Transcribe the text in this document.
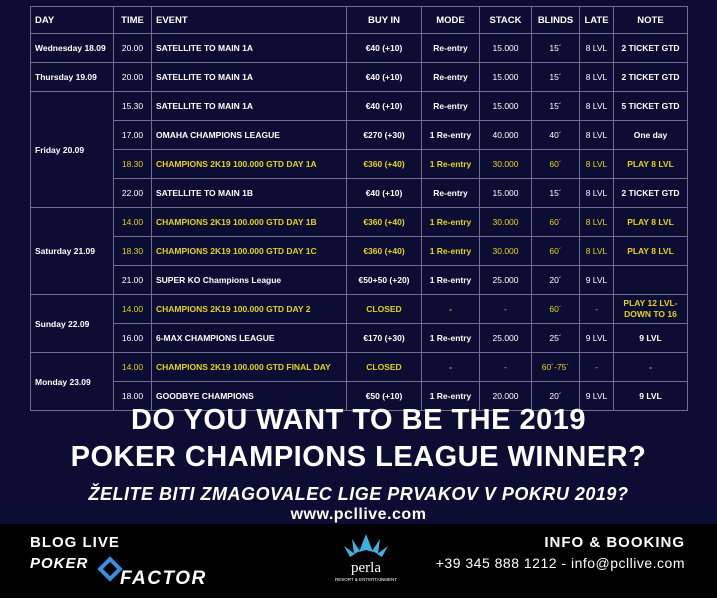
DAY	TIME	EVENT	BUY IN	MODE	STACK	BLINDS	LATE	NOTE
Wednesday 18.09	20.00	SATELLITE TO MAIN 1A	€40 (+10)	Re-entry	15.000	15´	8 LVL	2 TICKET GTD
Thursday 19.09	20.00	SATELLITE TO MAIN 1A	€40 (+10)	Re-entry	15.000	15´	8 LVL	2 TICKET GTD
Friday 20.09	15.30	SATELLITE TO MAIN 1A	€40 (+10)	Re-entry	15.000	15´	8 LVL	5 TICKET GTD
	17.00	OMAHA CHAMPIONS LEAGUE	€270 (+30)	1 Re-entry	40.000	40´	8 LVL	One day
	18.30	CHAMPIONS 2K19 100.000 GTD DAY 1A	€360 (+40)	1 Re-entry	30.000	60´	8 LVL	PLAY 8 LVL
	22.00	SATELLITE TO MAIN 1B	€40 (+10)	Re-entry	15.000	15´	8 LVL	2 TICKET GTD
Saturday 21.09	14.00	CHAMPIONS 2K19 100.000 GTD DAY 1B	€360 (+40)	1 Re-entry	30.000	60´	8 LVL	PLAY 8 LVL
	18.30	CHAMPIONS 2K19 100.000 GTD DAY 1C	€360 (+40)	1 Re-entry	30.000	60´	8 LVL	PLAY 8 LVL
	21.00	SUPER KO Champions League	€50+50 (+20)	1 Re-entry	25.000	20´	9 LVL	
Sunday 22.09	14.00	CHAMPIONS 2K19 100.000 GTD DAY 2	CLOSED	-	-	60´	-	PLAY 12 LVL-
DOWN TO 16
	16.00	6-MAX CHAMPIONS LEAGUE	€170 (+30)	1 Re-entry	25.000	25´	9 LVL	9 LVL
Monday 23.09	14.00	CHAMPIONS 2K19 100.000 GTD FINAL DAY	CLOSED	-	-	60´-75´	-	-
	18.00	GOODBYE CHAMPIONS	€50 (+10)	1 Re-entry	20.000	20´	9 LVL	9 LVL
DO YOU WANT TO BE THE 2019
POKER CHAMPIONS LEAGUE WINNER?
ŽELITE BITI ZMAGOVALEC LIGE PRVAKOV V POKRU 2019?
www.pcllive.com
BLOG LIVE
POKER
FACTOR	perla
RESORT & ENTERTAINMENT
INFO & BOOKING
+39 345 888 1212 - info@pcllive.com
